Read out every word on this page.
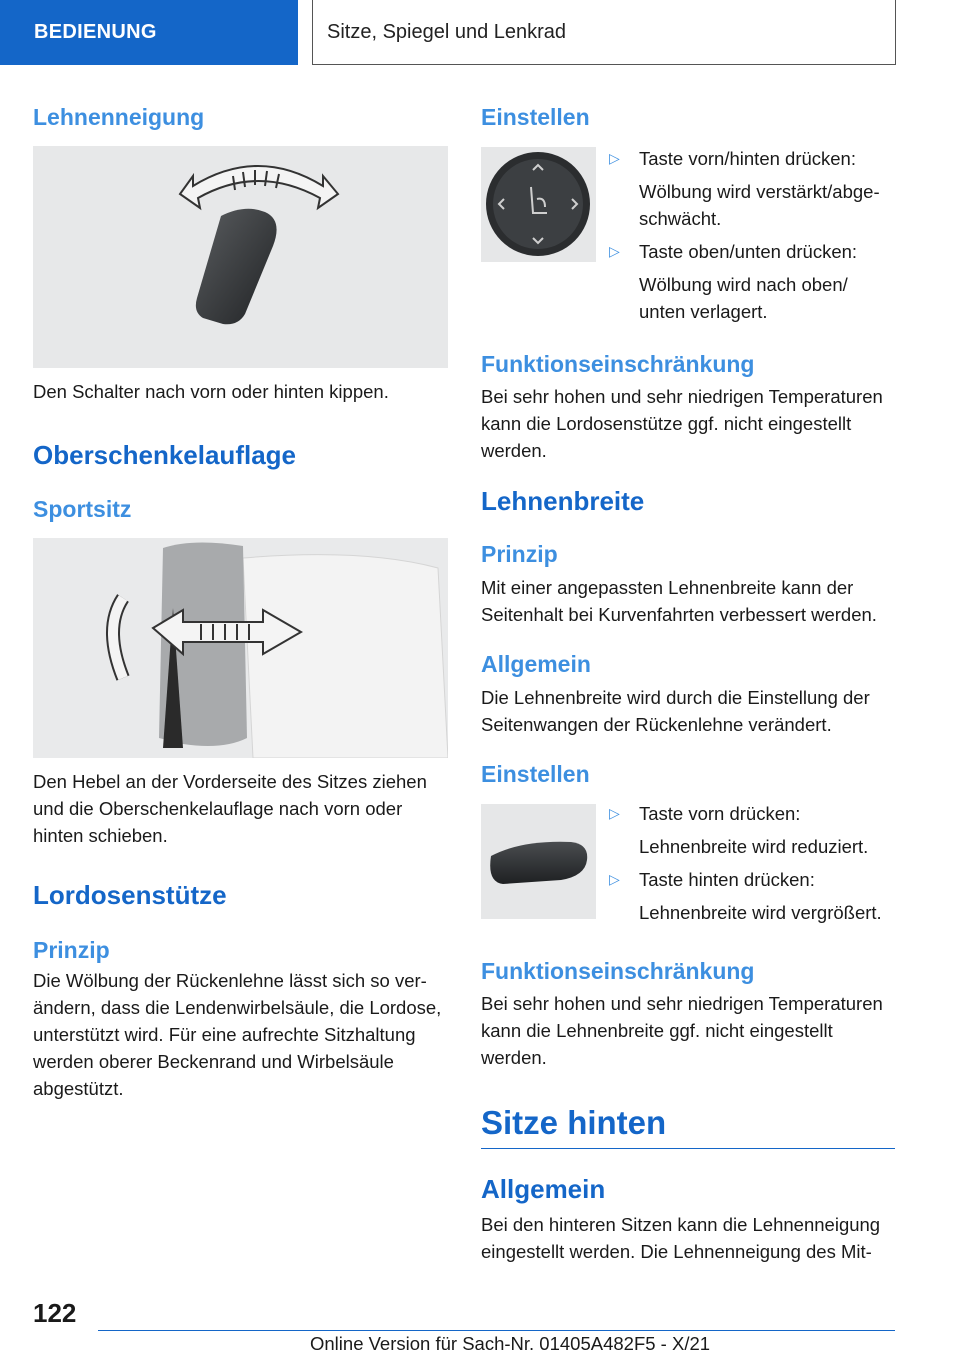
BEDIENUNG	Sitze, Spiegel und Lenkrad
Lehnenneigung

Den Schalter nach vorn oder hinten kippen.

Oberschenkelauflage
Sportsitz

Den Hebel an der Vorderseite des Sitzes ziehen und die Oberschenkelauflage nach vorn oder hinten schieben.

Lordosenstütze
Prinzip

Die Wölbung der Rückenlehne lässt sich so verändern, dass die Lendenwirbelsäule, die Lordose, unterstützt wird. Für eine aufrechte Sitzhaltung werden oberer Beckenrand und Wirbelsäule abgestützt.

Einstellen
▷ Taste vorn/hinten drücken:
Wölbung wird verstärkt/abgeschwächt.
▷ Taste oben/unten drücken:
Wölbung wird nach oben/ unten verlagert.
Funktionseinschränkung

Bei sehr hohen und sehr niedrigen Temperaturen kann die Lordosenstütze ggf. nicht eingestellt werden.

Lehnenbreite
Prinzip

Mit einer angepassten Lehnenbreite kann der Seitenhalt bei Kurvenfahrten verbessert werden.

Allgemein

Die Lehnenbreite wird durch die Einstellung der Seitenwangen der Rückenlehne verändert.

Einstellen
▷ Taste vorn drücken:
Lehnenbreite wird reduziert.
▷ Taste hinten drücken:
Lehnenbreite wird vergrößert.
Funktionseinschränkung

Bei sehr hohen und sehr niedrigen Temperaturen kann die Lehnenbreite ggf. nicht eingestellt werden.

Sitze hinten
Allgemein

Bei den hinteren Sitzen kann die Lehnenneigung eingestellt werden. Die Lehnenneigung des Mit-

122
Online Version für Sach-Nr. 01405A482F5 - X/21
